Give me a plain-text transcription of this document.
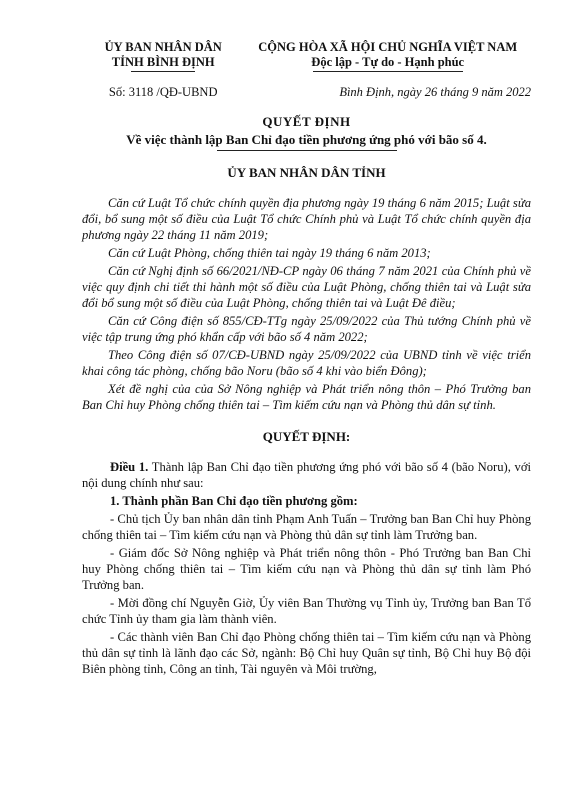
ỦY BAN NHÂN DÂN
TỈNH BÌNH ĐỊNH
CỘNG HÒA XÃ HỘI CHỦ NGHĨA VIỆT NAM
Độc lập - Tự do - Hạnh phúc
Số: 3118 /QĐ-UBND	Bình Định, ngày 26 tháng 9 năm 2022
QUYẾT ĐỊNH
Về việc thành lập Ban Chỉ đạo tiền phương ứng phó với bão số 4.
ỦY BAN NHÂN DÂN TỈNH

Căn cứ Luật Tổ chức chính quyền địa phương ngày 19 tháng 6 năm 2015; Luật sửa đổi, bổ sung một số điều của Luật Tổ chức Chính phủ và Luật Tổ chức chính quyền địa phương ngày 22 tháng 11 năm 2019;

Căn cứ Luật Phòng, chống thiên tai ngày 19 tháng 6 năm 2013;

Căn cứ Nghị định số 66/2021/NĐ-CP ngày 06 tháng 7 năm 2021 của Chính phủ về việc quy định chi tiết thi hành một số điều của Luật Phòng, chống thiên tai và Luật sửa đổi bổ sung một số điều của Luật Phòng, chống thiên tai và Luật Đê điều;

Căn cứ Công điện số 855/CĐ-TTg ngày 25/09/2022 của Thủ tướng Chính phủ về việc tập trung ứng phó khẩn cấp với bão số 4 năm 2022;

Theo Công điện số 07/CĐ-UBND ngày 25/09/2022 của UBND tỉnh về việc triển khai công tác phòng, chống bão Noru (bão số 4 khi vào biển Đông);

Xét đề nghị của của Sở Nông nghiệp và Phát triển nông thôn – Phó Trưởng ban Ban Chỉ huy Phòng chống thiên tai – Tìm kiếm cứu nạn và Phòng thủ dân sự tỉnh.

QUYẾT ĐỊNH:

Điều 1. Thành lập Ban Chỉ đạo tiền phương ứng phó với bão số 4 (bão Noru), với nội dung chính như sau:

1. Thành phần Ban Chỉ đạo tiền phương gồm:

- Chủ tịch Ủy ban nhân dân tỉnh Phạm Anh Tuấn – Trưởng ban Ban Chỉ huy Phòng chống thiên tai – Tìm kiếm cứu nạn và Phòng thủ dân sự tỉnh làm Trưởng ban.

- Giám đốc Sở Nông nghiệp và Phát triển nông thôn - Phó Trưởng ban Ban Chỉ huy Phòng chống thiên tai – Tìm kiếm cứu nạn và Phòng thủ dân sự tỉnh làm Phó Trưởng ban.

- Mời đồng chí Nguyễn Giờ, Ủy viên Ban Thường vụ Tỉnh ủy, Trưởng ban Ban Tổ chức Tỉnh ủy tham gia làm thành viên.

- Các thành viên Ban Chỉ đạo Phòng chống thiên tai – Tìm kiếm cứu nạn và Phòng thủ dân sự tỉnh là lãnh đạo các Sở, ngành: Bộ Chỉ huy Quân sự tỉnh, Bộ Chỉ huy Bộ đội Biên phòng tỉnh, Công an tỉnh, Tài nguyên và Môi trường,
